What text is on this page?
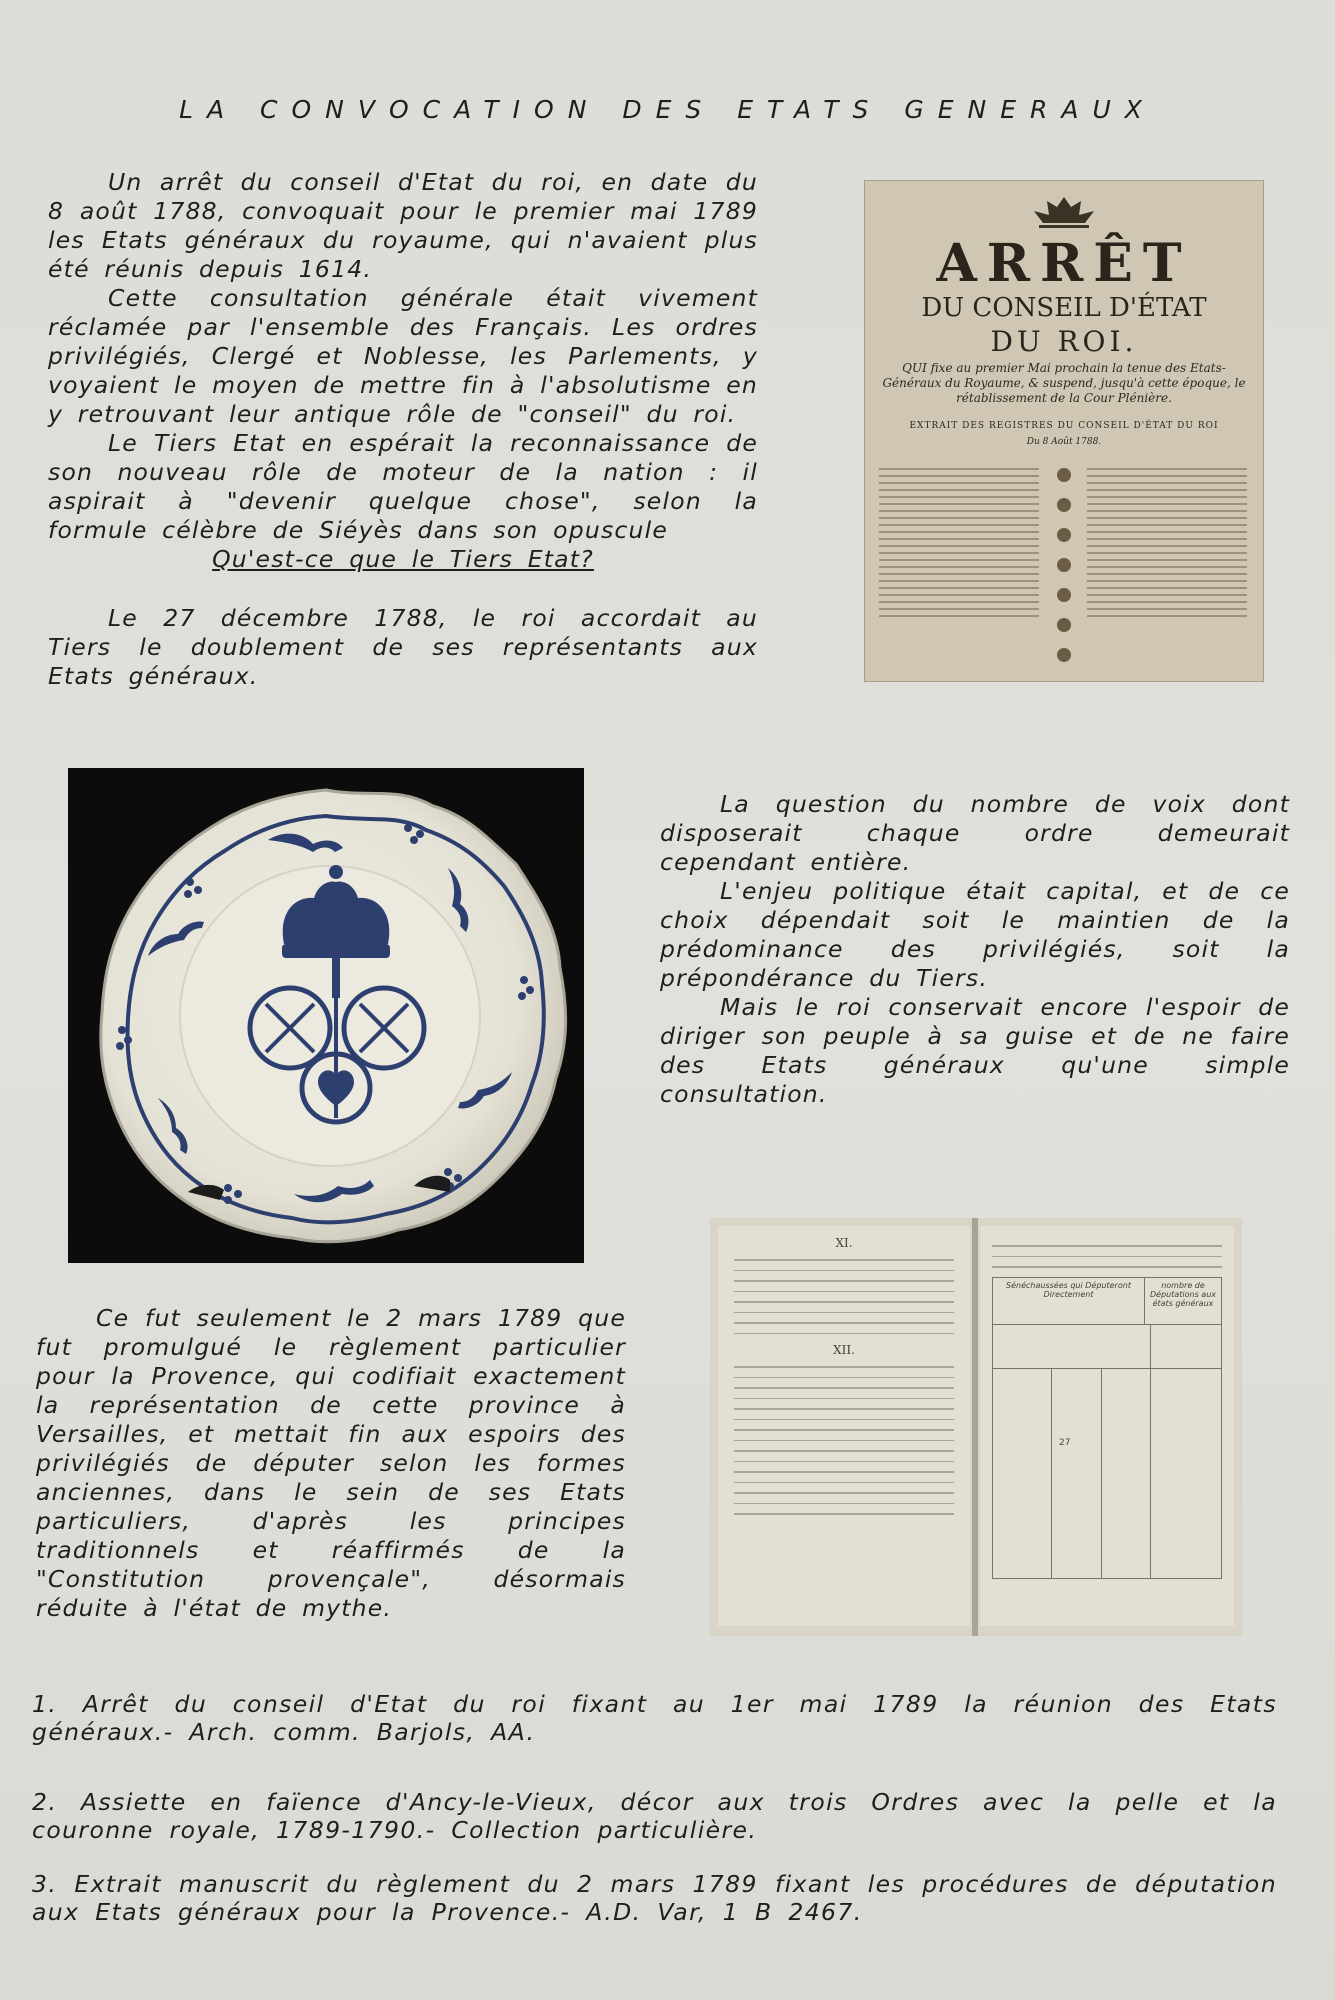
LA CONVOCATION DES ETATS GENERAUX

Un arrêt du conseil d'Etat du roi, en date du 8 août 1788, convoquait pour le premier mai 1789 les Etats généraux du royaume, qui n'avaient plus été réunis depuis 1614.

Cette consultation générale était vivement réclamée par l'ensemble des Français. Les ordres privilégiés, Clergé et Noblesse, les Parlements, y voyaient le moyen de mettre fin à l'absolutisme en y retrouvant leur antique rôle de "conseil" du roi.

Le Tiers Etat en espérait la reconnaissance de son nouveau rôle de moteur de la nation : il aspirait à "devenir quelque chose", selon la formule célèbre de Siéyès dans son opuscule

Qu'est-ce que le Tiers Etat?

Le 27 décembre 1788, le roi accordait au Tiers le doublement de ses représentants aux Etats généraux.

ARRÊT
DU CONSEIL D'ÉTAT
DU ROI.
QUI fixe au premier Mai prochain la tenue des Etats-Généraux du Royaume, & suspend, jusqu'à cette époque, le rétablissement de la Cour Plénière.
EXTRAIT DES REGISTRES DU CONSEIL D'ÉTAT DU ROI
Du 8 Août 1788.

La question du nombre de voix dont disposerait chaque ordre demeurait cependant entière.

L'enjeu politique était capital, et de ce choix dépendait soit le maintien de la prédominance des privilégiés, soit la prépondérance du Tiers.

Mais le roi conservait encore l'espoir de diriger son peuple à sa guise et de ne faire des Etats généraux qu'une simple consultation.

XI.
XII.
Sénéchaussées qui Députeront Directement
nombre de Députations aux états généraux
27

Ce fut seulement le 2 mars 1789 que fut promulgué le règlement particulier pour la Provence, qui codifiait exactement la représentation de cette province à Versailles, et mettait fin aux espoirs des privilégiés de députer selon les formes anciennes, dans le sein de ses Etats particuliers, d'après les principes traditionnels et réaffirmés de la "Constitution provençale", désormais réduite à l'état de mythe.

1. Arrêt du conseil d'Etat du roi fixant au 1er mai 1789 la réunion des Etats généraux.- Arch. comm. Barjols, AA.

2. Assiette en faïence d'Ancy-le-Vieux, décor aux trois Ordres avec la pelle et la couronne royale, 1789-1790.- Collection particulière.

3. Extrait manuscrit du règlement du 2 mars 1789 fixant les procédures de députation aux Etats généraux pour la Provence.- A.D. Var, 1 B 2467.
